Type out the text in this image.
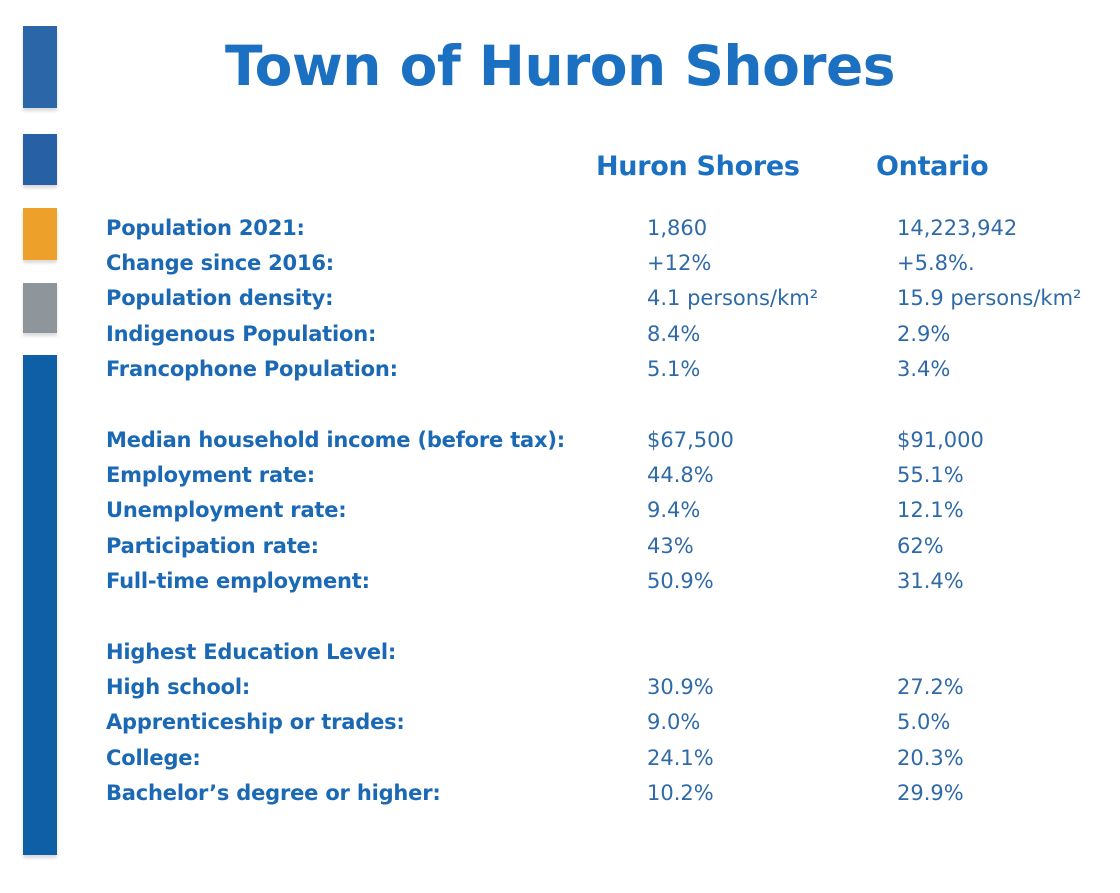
Town of Huron Shores
Huron Shores	Ontario
Population 2021:	1,860	14,223,942
Change since 2016:	+12%	+5.8%.
Population density:	4.1 persons/km²	15.9 persons/km²
Indigenous Population:	8.4%	2.9%
Francophone Population:	5.1%	3.4%
Median household income (before tax):	$67,500	$91,000
Employment rate:	44.8%	55.1%
Unemployment rate:	9.4%	12.1%
Participation rate:	43%	62%
Full-time employment:	50.9%	31.4%
Highest Education Level:
High school:	30.9%	27.2%
Apprenticeship or trades:	9.0%	5.0%
College:	24.1%	20.3%
Bachelor’s degree or higher:	10.2%	29.9%
